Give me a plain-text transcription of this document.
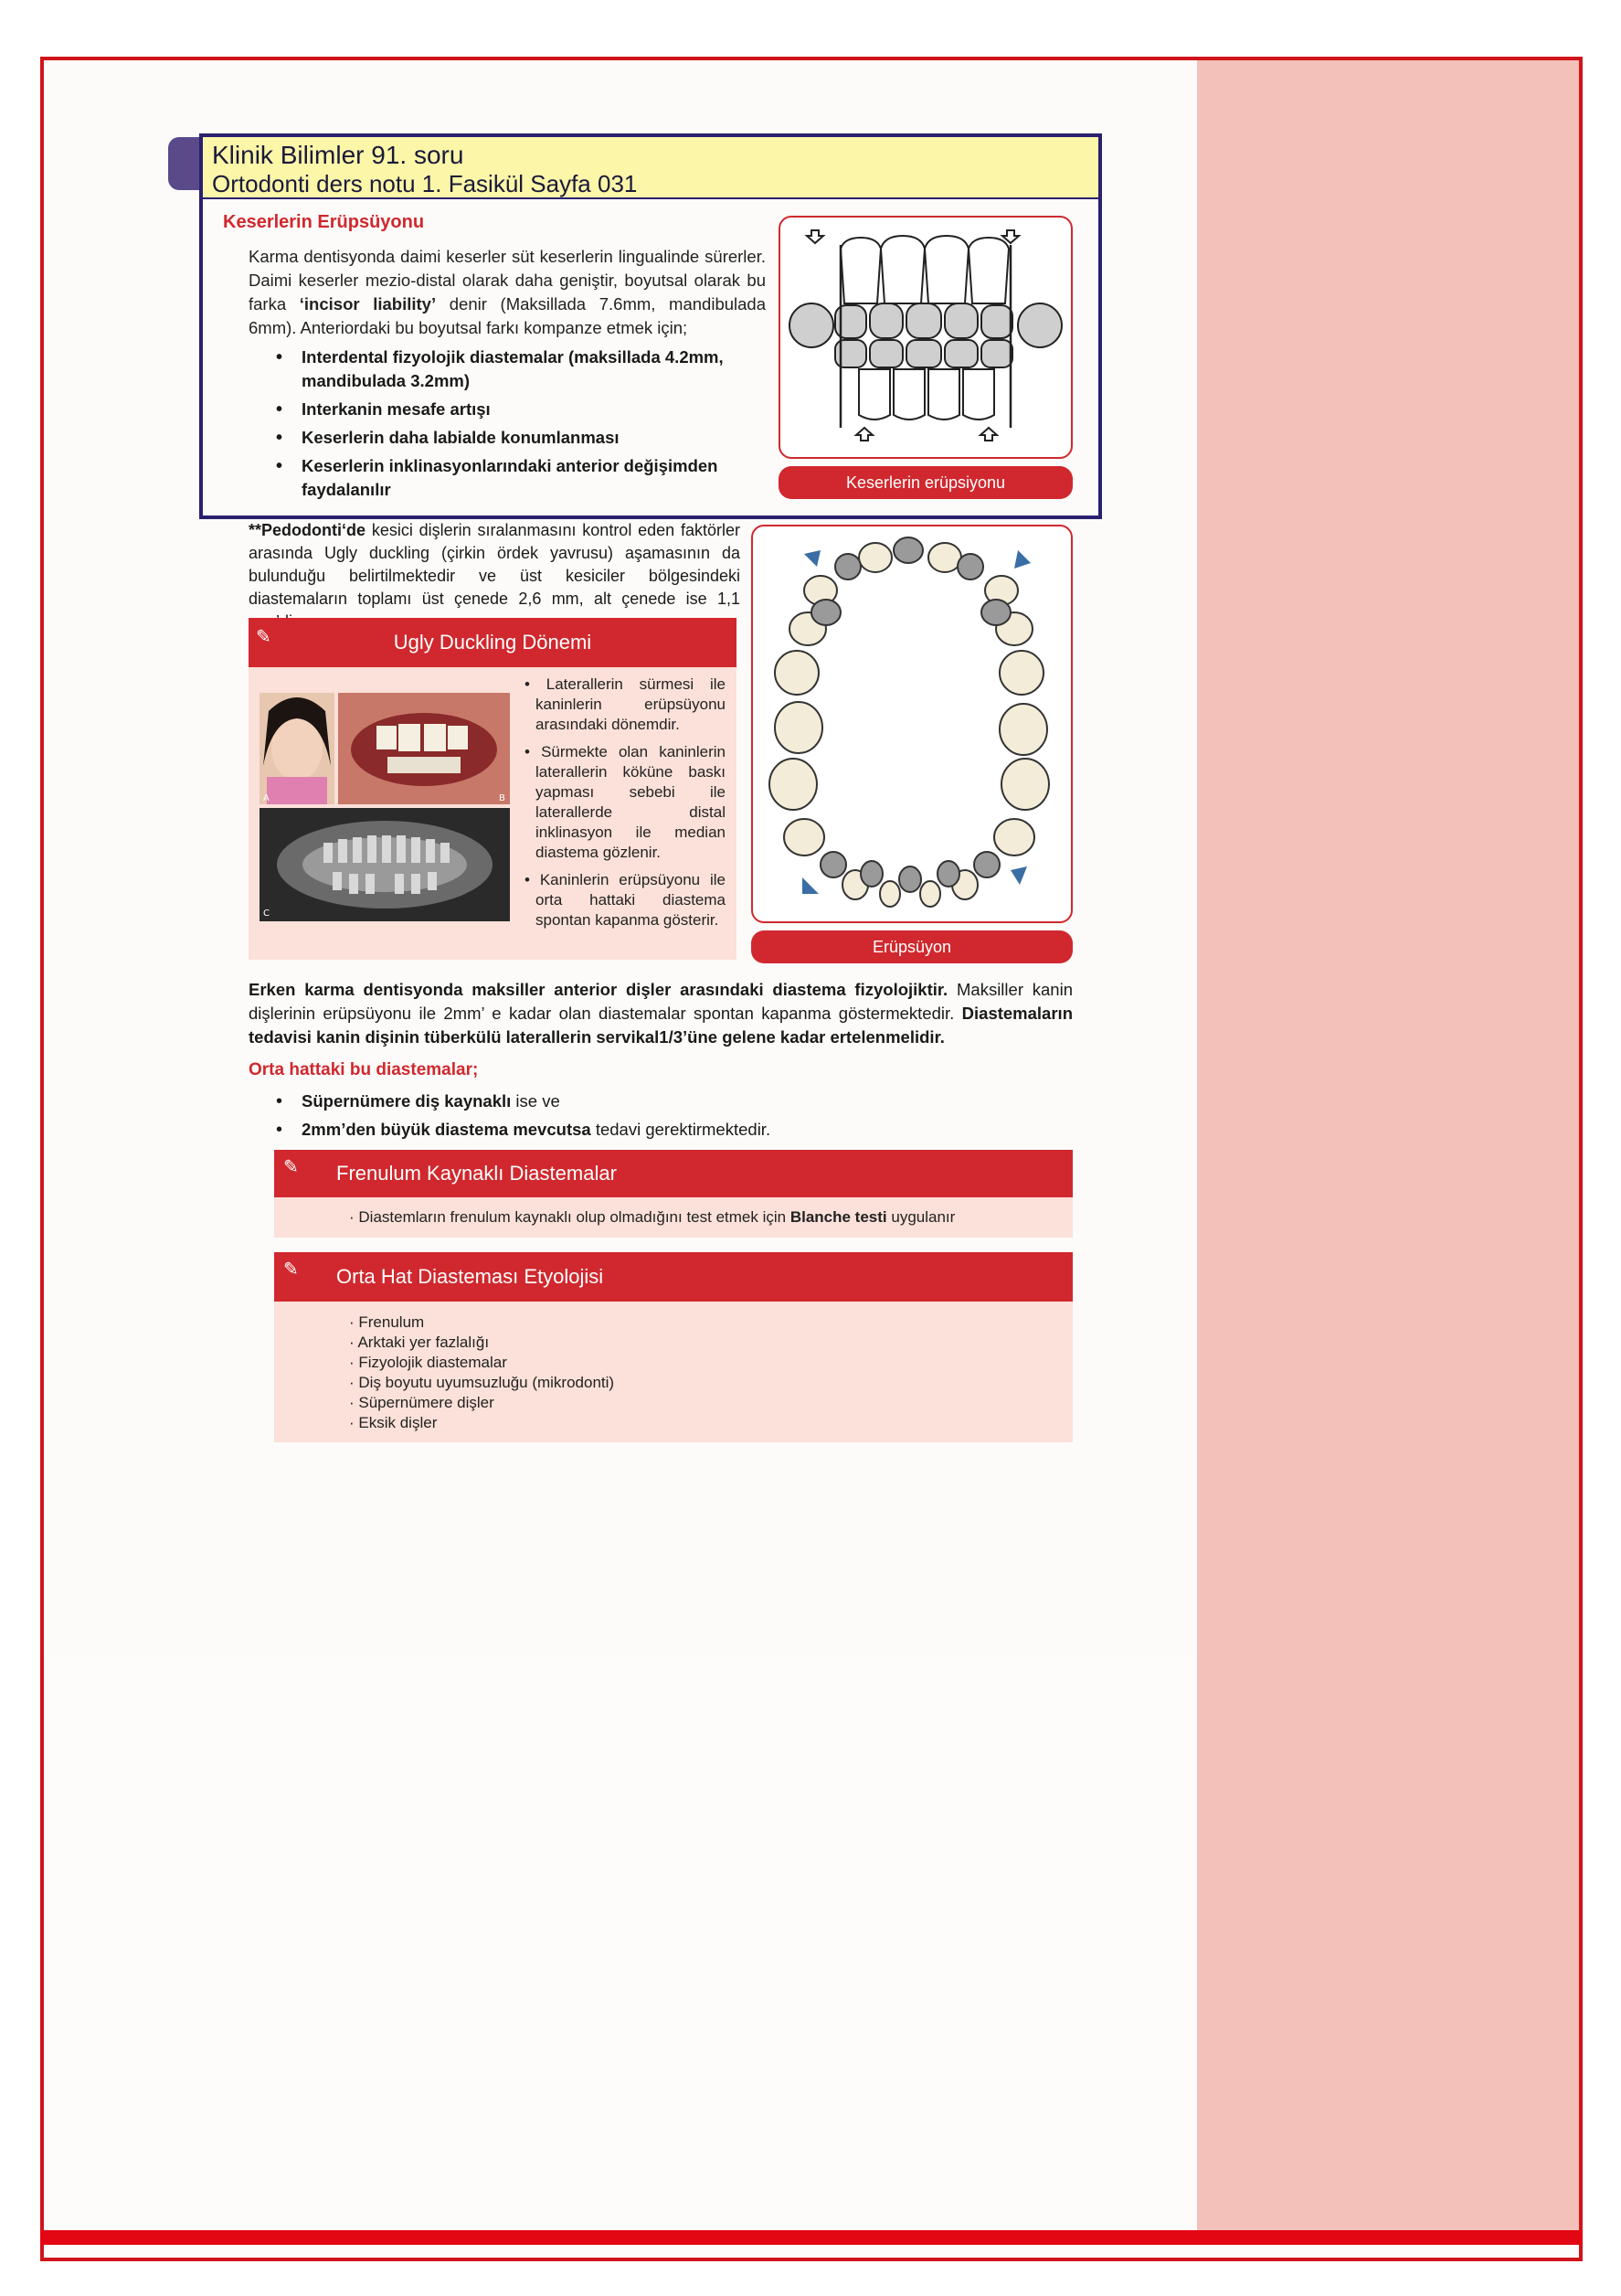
Klinik Bilimler 91. soru
Ortodonti ders notu 1. Fasikül Sayfa 031
Keserlerin Erüpsüyonu
Karma dentisyonda daimi keserler süt keserlerin lingualinde sürerler. Daimi keserler mezio-distal olarak daha geniştir, boyutsal olarak bu farka ‘incisor liability’ denir (Maksillada 7.6mm, mandibulada 6mm). Anteriordaki bu boyutsal farkı kompanze etmek için;
• Interdental fizyolojik diastemalar (maksillada 4.2mm, mandibulada 3.2mm)
• Interkanin mesafe artışı
• Keserlerin daha labialde konumlanması
• Keserlerin inklinasyonlarındaki anterior değişimden faydalanılır	Keserlerin erüpsiyonu
**Pedodonti‘de kesici dişlerin sıralanmasını kontrol eden faktörler arasında Ugly duckling (çirkin ördek yavrusu) aşamasının da bulunduğu belirtilmektedir ve üst kesiciler bölgesindeki diastemaların toplamı üst çenede 2,6 mm, alt çenede ise 1,1
✎	Ugly Duckling Dönemi
A	B
C

• Laterallerin sürmesi ile kaninlerin erüpsüyonu arasındaki dönemdir.

• Sürmekte olan kaninlerin laterallerin köküne baskı yapması sebebi ile laterallerde distal inklinasyon ile median diastema gözlenir.

• Kaninlerin erüpsüyonu ile orta hattaki diastema spontan kapanma gösterir.

Erüpsüyon
Erken karma dentisyonda maksiller anterior dişler arasındaki diastema fizyolojiktir. Maksiller kanin dişlerinin erüpsüyonu ile 2mm’ e kadar olan diastemalar spontan kapanma göstermektedir. Diastemaların tedavisi kanin dişinin tüberkülü laterallerin servikal1/3’üne gelene kadar ertelenmelidir.
Orta hattaki bu diastemalar;
• Süpernümere diş kaynaklı ise ve
• 2mm’den büyük diastema mevcutsa tedavi gerektirmektedir.
✎ Frenulum Kaynaklı Diastemalar
· Diastemların frenulum kaynaklı olup olmadığını test etmek için Blanche testi uygulanır
✎ Orta Hat Diasteması Etyolojisi
· Frenulum
· Arktaki yer fazlalığı
· Fizyolojik diastemalar
· Diş boyutu uyumsuzluğu (mikrodonti)
· Süpernümere dişler
· Eksik dişler
